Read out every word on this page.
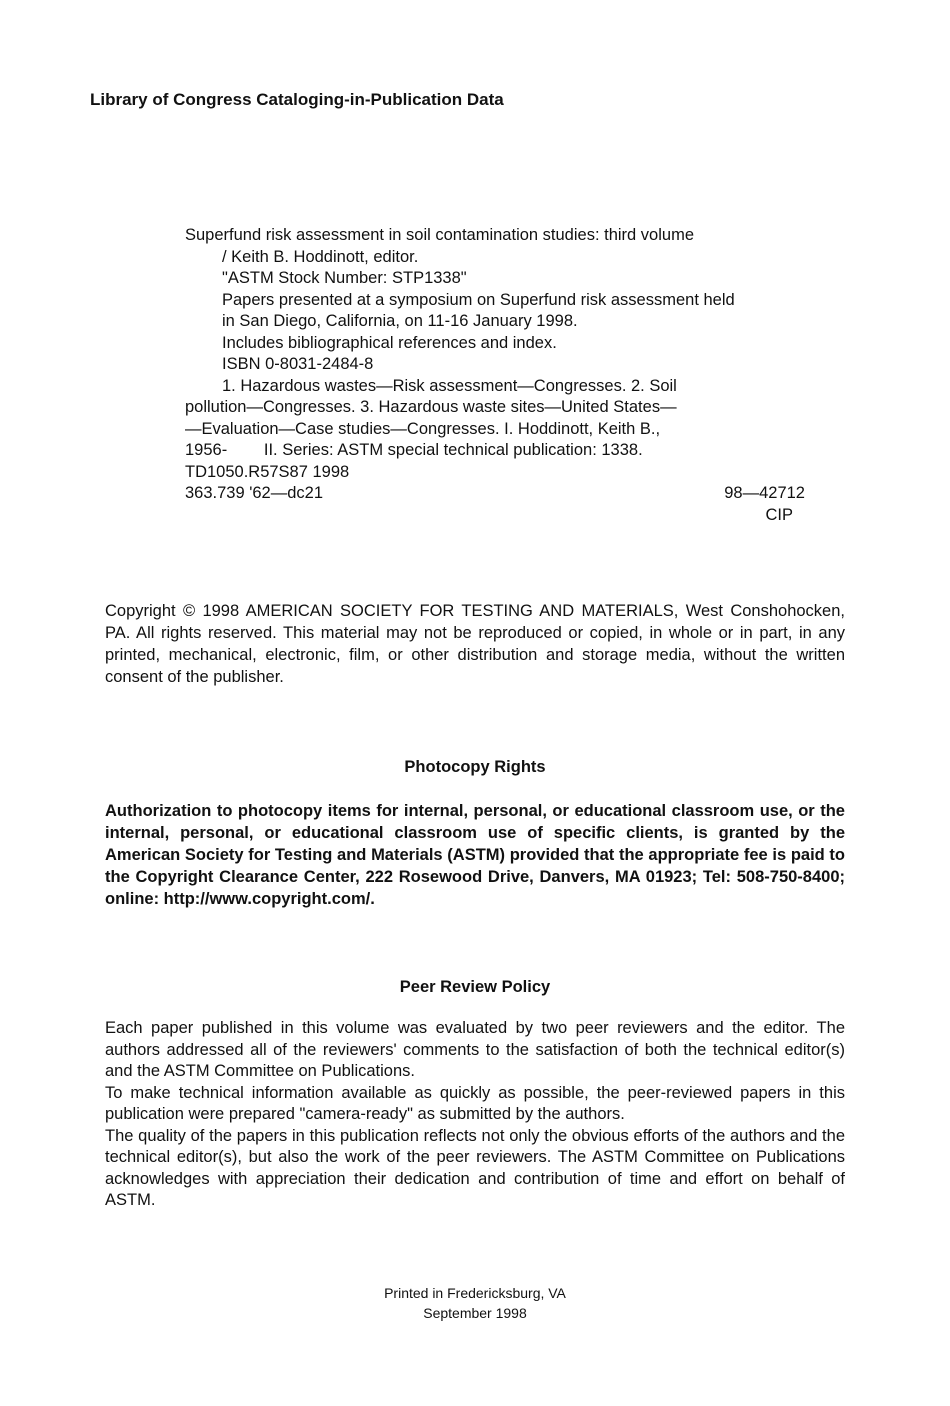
Library of Congress Cataloging-in-Publication Data
Superfund risk assessment in soil contamination studies: third volume
/ Keith B. Hoddinott, editor.
"ASTM Stock Number: STP1338"
Papers presented at a symposium on Superfund risk assessment held
in San Diego, California, on 11-16 January 1998.
Includes bibliographical references and index.
ISBN 0-8031-2484-8
1. Hazardous wastes—Risk assessment—Congresses. 2. Soil
pollution—Congresses. 3. Hazardous waste sites—United States—
—Evaluation—Case studies—Congresses. I. Hoddinott, Keith B.,
1956-        II. Series: ASTM special technical publication: 1338.
TD1050.R57S87 1998
363.739 '62—dc21	98—42712
CIP
Copyright © 1998 AMERICAN SOCIETY FOR TESTING AND MATERIALS, West Conshohocken, PA. All rights reserved. This material may not be reproduced or copied, in whole or in part, in any printed, mechanical, electronic, film, or other distribution and storage media, without the written consent of the publisher.
Photocopy Rights
Authorization to photocopy items for internal, personal, or educational classroom use, or the internal, personal, or educational classroom use of specific clients, is granted by the American Society for Testing and Materials (ASTM) provided that the appropriate fee is paid to the Copyright Clearance Center, 222 Rosewood Drive, Danvers, MA 01923; Tel: 508-750-8400; online: http://www.copyright.com/.
Peer Review Policy

Each paper published in this volume was evaluated by two peer reviewers and the editor. The authors addressed all of the reviewers' comments to the satisfaction of both the technical editor(s) and the ASTM Committee on Publications.

To make technical information available as quickly as possible, the peer-reviewed papers in this publication were prepared "camera-ready" as submitted by the authors.

The quality of the papers in this publication reflects not only the obvious efforts of the authors and the technical editor(s), but also the work of the peer reviewers. The ASTM Committee on Publications acknowledges with appreciation their dedication and contribution of time and effort on behalf of ASTM.

Printed in Fredericksburg, VA
September 1998
